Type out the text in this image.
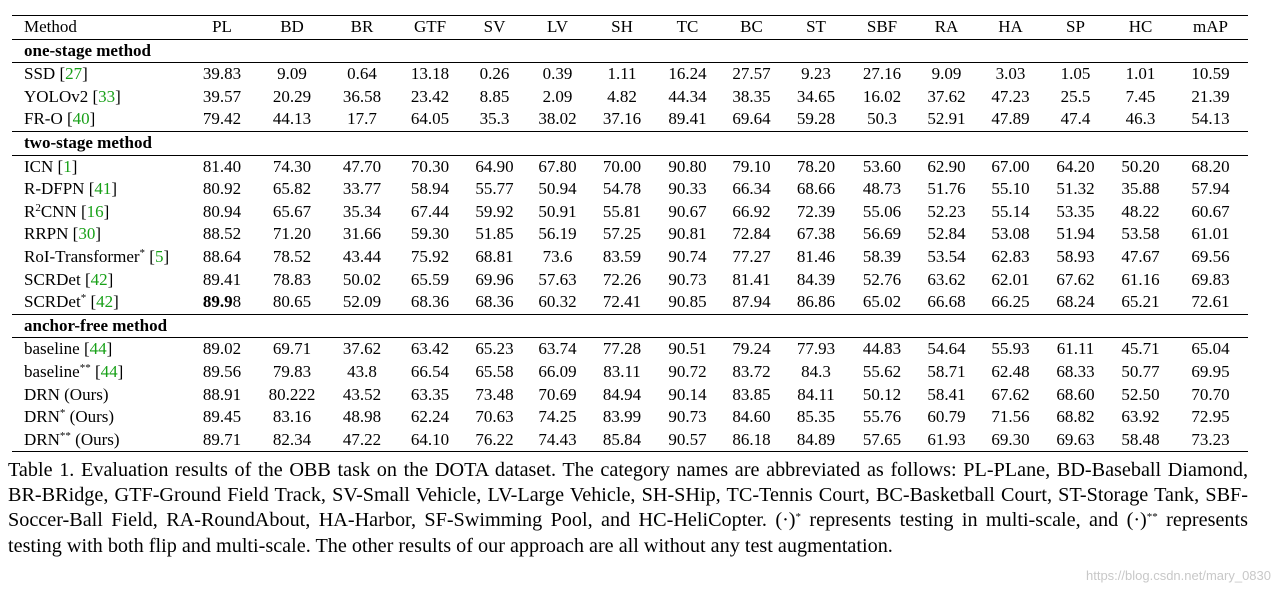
Method	PL	BD	BR	GTF	SV	LV	SH	TC	BC	ST	SBF	RA	HA	SP	HC	mAP
one-stage method																
SSD [27]	39.83	9.09	0.64	13.18	0.26	0.39	1.11	16.24	27.57	9.23	27.16	9.09	3.03	1.05	1.01	10.59
YOLOv2 [33]	39.57	20.29	36.58	23.42	8.85	2.09	4.82	44.34	38.35	34.65	16.02	37.62	47.23	25.5	7.45	21.39
FR-O [40]	79.42	44.13	17.7	64.05	35.3	38.02	37.16	89.41	69.64	59.28	50.3	52.91	47.89	47.4	46.3	54.13
two-stage method																
ICN [1]	81.40	74.30	47.70	70.30	64.90	67.80	70.00	90.80	79.10	78.20	53.60	62.90	67.00	64.20	50.20	68.20
R-DFPN [41]	80.92	65.82	33.77	58.94	55.77	50.94	54.78	90.33	66.34	68.66	48.73	51.76	55.10	51.32	35.88	57.94
$R^2CNN$ [16]	80.94	65.67	35.34	67.44	59.92	50.91	55.81	90.67	66.92	72.39	55.06	52.23	55.14	53.35	48.22	60.67
RRPN [30]	88.52	71.20	31.66	59.30	51.85	56.19	57.25	90.81	72.84	67.38	56.69	52.84	53.08	51.94	53.58	61.01
RoI-Transformer* [5]	88.64	78.52	43.44	75.92	68.81	73.6	83.59	90.74	77.27	81.46	58.39	53.54	62.83	58.93	47.67	69.56
SCRDet [42]	89.41	78.83	50.02	65.59	69.96	57.63	72.26	90.73	81.41	84.39	52.76	63.62	62.01	67.62	61.16	69.83
SCRDet* [42]	89.98	80.65	52.09	68.36	68.36	60.32	72.41	90.85	87.94	86.86	65.02	66.68	66.25	68.24	65.21	72.61
anchor-free method																
baseline [44]	89.02	69.71	37.62	63.42	65.23	63.74	77.28	90.51	79.24	77.93	44.83	54.64	55.93	61.11	45.71	65.04
baseline** [44]	89.56	79.83	43.8	66.54	65.58	66.09	83.11	90.72	83.72	84.3	55.62	58.71	62.48	68.33	50.77	69.95
DRN (Ours)	88.91	80.222	43.52	63.35	73.48	70.69	84.94	90.14	83.85	84.11	50.12	58.41	67.62	68.60	52.50	70.70
DRN* (Ours)	89.45	83.16	48.98	62.24	70.63	74.25	83.99	90.73	84.60	85.35	55.76	60.79	71.56	68.82	63.92	72.95
DRN** (Ours)	89.71	82.34	47.22	64.10	76.22	74.43	85.84	90.57	86.18	84.89	57.65	61.93	69.30	69.63	58.48	73.23
Table 1. Evaluation results of the OBB task on the DOTA dataset. The category names are abbreviated as follows: PL-PLane, BD-Baseball Diamond, BR-BRidge, GTF-Ground Field Track, SV-Small Vehicle, LV-Large Vehicle, SH-SHip, TC-Tennis Court, BC-Basketball Court, ST-Storage Tank, SBF-Soccer-Ball Field, RA-RoundAbout, HA-Harbor, SF-Swimming Pool, and HC-HeliCopter. (·)* represents testing in multi-scale, and (·)** represents testing with both flip and multi-scale. The other results of our approach are all without any test augmentation.
https://blog.csdn.net/mary_0830
